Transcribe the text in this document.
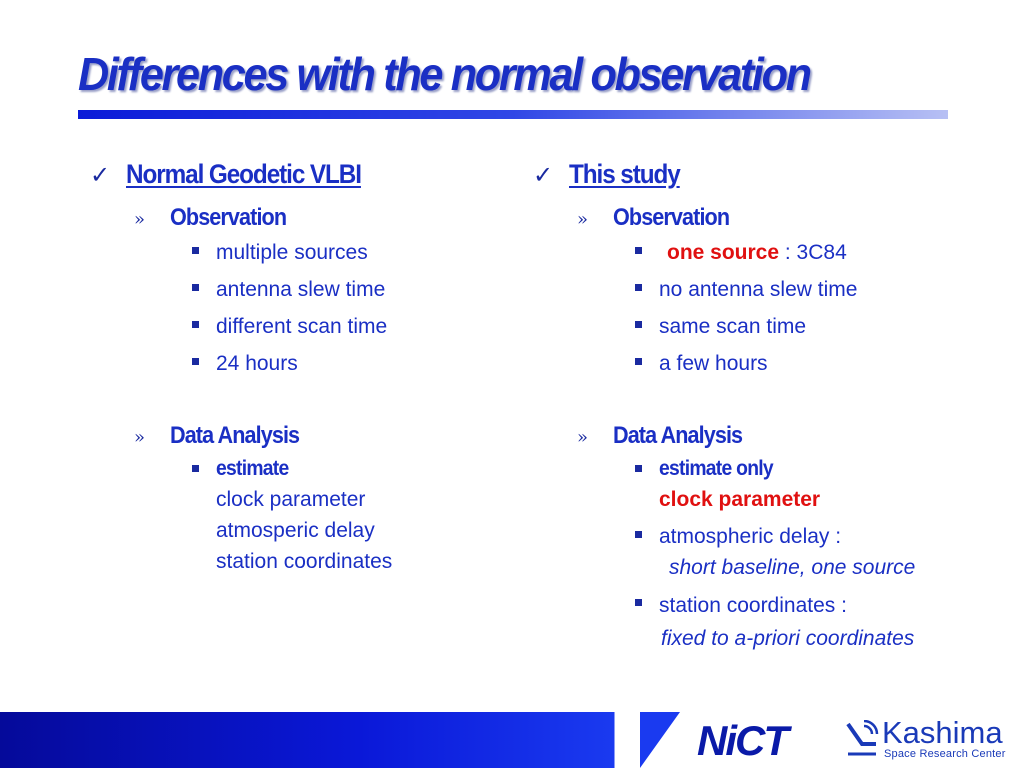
Differences with the normal observation
✓ Normal Geodetic VLBI
» Observation
multiple sources
antenna slew time
different scan time
24 hours
» Data Analysis
estimate
clock parameter
atmosperic delay
station coordinates
✓ This study
» Observation
one source : 3C84
no antenna slew time
same scan time
a few hours
» Data Analysis
estimate only
clock parameter
atmospheric delay :
short baseline, one source
station coordinates :
fixed to a-priori coordinates
NiCT	Kashima
Space Research Center
